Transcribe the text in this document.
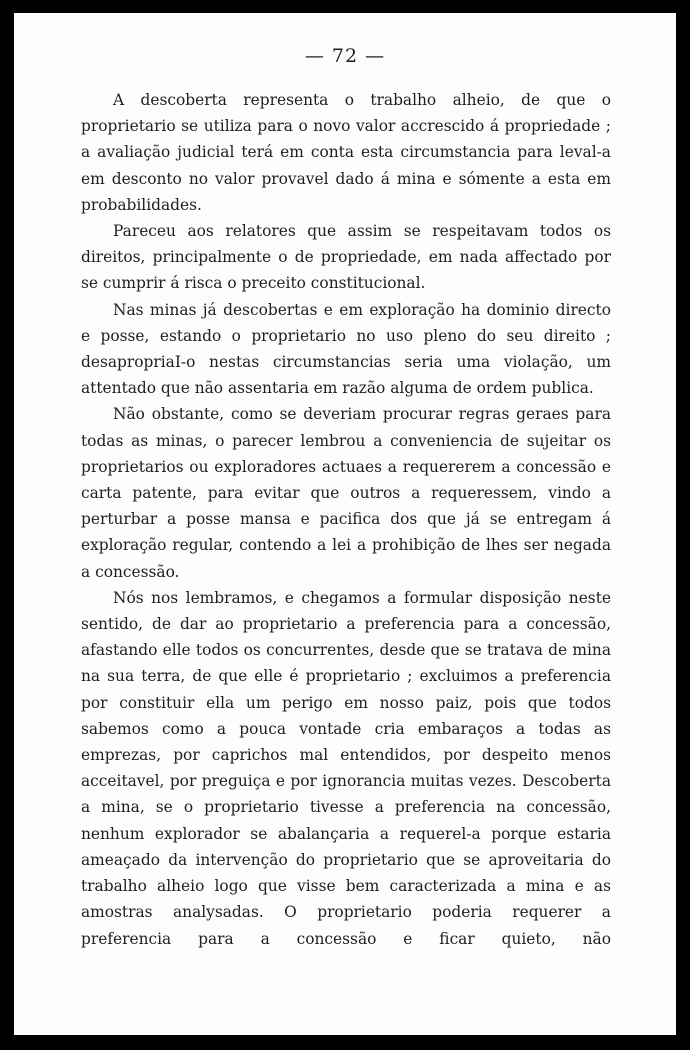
— 72 —

A descoberta representa o trabalho alheio, de que o proprietario se utiliza para o novo valor accrescido á propriedade ; a avaliação judicial terá em conta esta circumstancia para leval-a em desconto no valor provavel dado á mina e sómente a esta em probabilidades.

Pareceu aos relatores que assim se respeitavam todos os direitos, principalmente o de propriedade, em nada affectado por se cumprir á risca o preceito constitucional.

Nas minas já descobertas e em exploração ha dominio directo e posse, estando o proprietario no uso pleno do seu direito ; desapropriaI-o nestas circumstancias seria uma violação, um attentado que não assentaria em razão alguma de ordem publica.

Não obstante, como se deveriam procurar regras geraes para todas as minas, o parecer lembrou a conveniencia de sujeitar os proprietarios ou exploradores actuaes a requererem a concessão e carta patente, para evitar que outros a requeressem, vindo a perturbar a posse mansa e pacifica dos que já se entregam á exploração regular, contendo a lei a prohibição de lhes ser negada a concessão.

Nós nos lembramos, e chegamos a formular disposição neste sentido, de dar ao proprietario a preferencia para a concessão, afastando elle todos os concurrentes, desde que se tratava de mina na sua terra, de que elle é proprietario ; excluimos a preferencia por constituir ella um perigo em nosso paiz, pois que todos sabemos como a pouca vontade cria embaraços a todas as emprezas, por caprichos mal entendidos, por despeito menos acceitavel, por preguiça e por ignorancia muitas vezes. Descoberta a mina, se o proprietario tivesse a preferencia na concessão, nenhum explorador se abalançaria a requerel-a porque estaria ameaçado da intervenção do proprietario que se aproveitaria do trabalho alheio logo que visse bem caracterizada a mina e as amostras analysadas. O proprietario poderia requerer a preferencia para a concessão e ficar quieto, não
